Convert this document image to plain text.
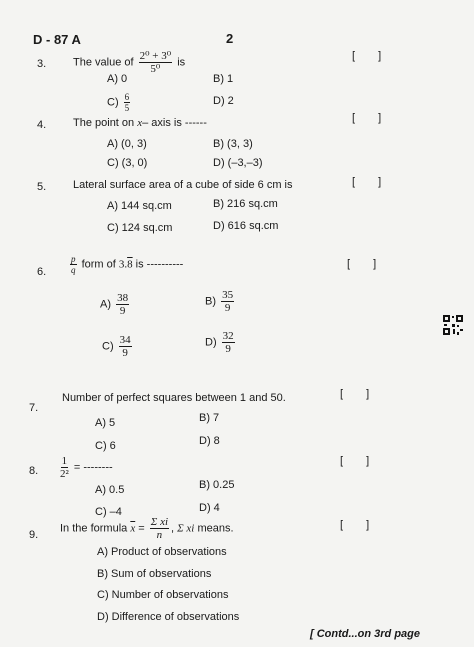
D - 87 A	2
3. The value of $\frac{\text{2⁰ + 3⁰}}{\text{5⁰}}$ is
[ ]
A) 0	B) 1
$C) \frac{6}{5}$	D) 2
4. The point on x– axis is ------	[ ]
A) (0, 3)	B) (3, 3)
C) (3, 0)	D) (–3,–3)
5. Lateral surface area of a cube of side 6 cm is	[ ]
A) 144 sq.cm	B) 216 sq.cm
C) 124 sq.cm	D) 616 sq.cm
6.	$\frac{p}{q}$ form of 3.8 is ----------	[ ]
$A) \frac{38}{9}$	$B) \frac{35}{9}$
$C) \frac{34}{9}$	$D) \frac{32}{9}$
7.
Number of perfect squares between 1 and 50.	[ ]
A) 5	B) 7
C) 6	D) 8
8. $\frac{1}{\text{2²}}$ = --------
[ ]
A) 0.5	B) 0.25
C) –4	D) 4
9.
In the formula $\overline{x} = \frac{\text{Σ xi}}{n}$ , Σ xi means.	[ ]
A) Product of observations
B) Sum of observations
C) Number of observations
D) Difference of observations
[ Contd...on 3rd page
